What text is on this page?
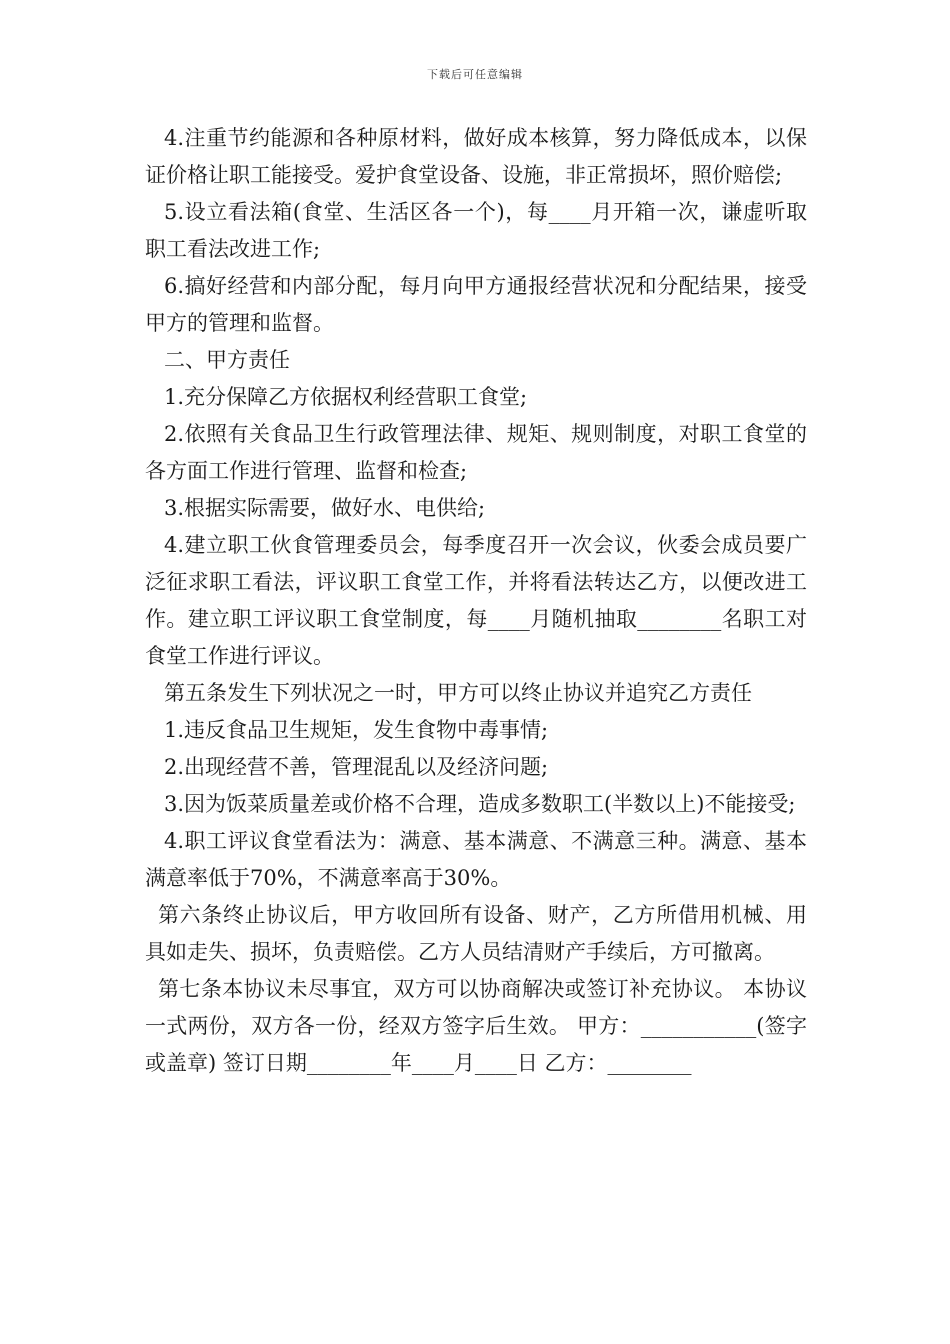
下载后可任意编辑

4.注重节约能源和各种原材料，做好成本核算，努力降低成本，以保证价格让职工能接受。爱护食堂设备、设施，非正常损坏，照价赔偿;

5.设立看法箱(食堂、生活区各一个)，每____月开箱一次，谦虚听取职工看法改进工作;

6.搞好经营和内部分配，每月向甲方通报经营状况和分配结果，接受甲方的管理和监督。

二、甲方责任

1.充分保障乙方依据权利经营职工食堂;

2.依照有关食品卫生行政管理法律、规矩、规则制度，对职工食堂的各方面工作进行管理、监督和检查;

3.根据实际需要，做好水、电供给;

4.建立职工伙食管理委员会，每季度召开一次会议，伙委会成员要广泛征求职工看法，评议职工食堂工作，并将看法转达乙方，以便改进工作。建立职工评议职工食堂制度，每____月随机抽取________名职工对食堂工作进行评议。

第五条发生下列状况之一时，甲方可以终止协议并追究乙方责任

1.违反食品卫生规矩，发生食物中毒事情;

2.出现经营不善，管理混乱以及经济问题;

3.因为饭菜质量差或价格不合理，造成多数职工(半数以上)不能接受;

4.职工评议食堂看法为：满意、基本满意、不满意三种。满意、基本满意率低于70%，不满意率高于30%。

第六条终止协议后，甲方收回所有设备、财产，乙方所借用机械、用具如走失、损坏，负责赔偿。乙方人员结清财产手续后，方可撤离。

第七条本协议未尽事宜，双方可以协商解决或签订补充协议。 本协议一式两份，双方各一份，经双方签字后生效。 甲方：___________(签字或盖章) 签订日期________年____月____日 乙方：________
